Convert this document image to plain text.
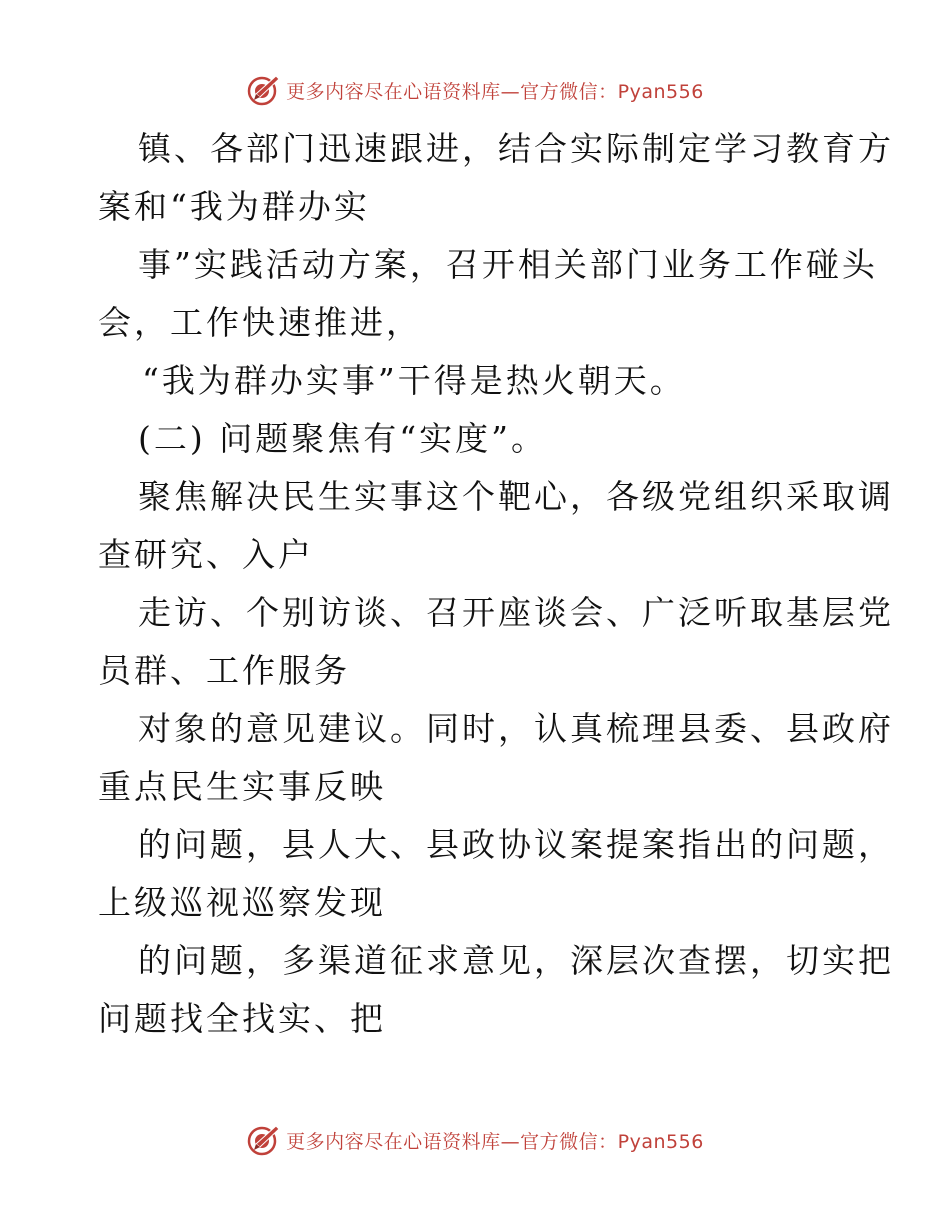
更多内容尽在心语资料库—官方微信：Pyan556
镇、各部门迅速跟进，结合实际制定学习教育方
案和“我为群办实
事”实践活动方案，召开相关部门业务工作碰头
会，工作快速推进，
“我为群办实事”干得是热火朝天。
(二) 问题聚焦有“实度”。
聚焦解决民生实事这个靶心，各级党组织采取调
查研究、入户
走访、个别访谈、召开座谈会、广泛听取基层党
员群、工作服务
对象的意见建议。同时，认真梳理县委、县政府
重点民生实事反映
的问题，县人大、县政协议案提案指出的问题，
上级巡视巡察发现
的问题，多渠道征求意见，深层次查摆，切实把
问题找全找实、把
更多内容尽在心语资料库—官方微信：Pyan556
